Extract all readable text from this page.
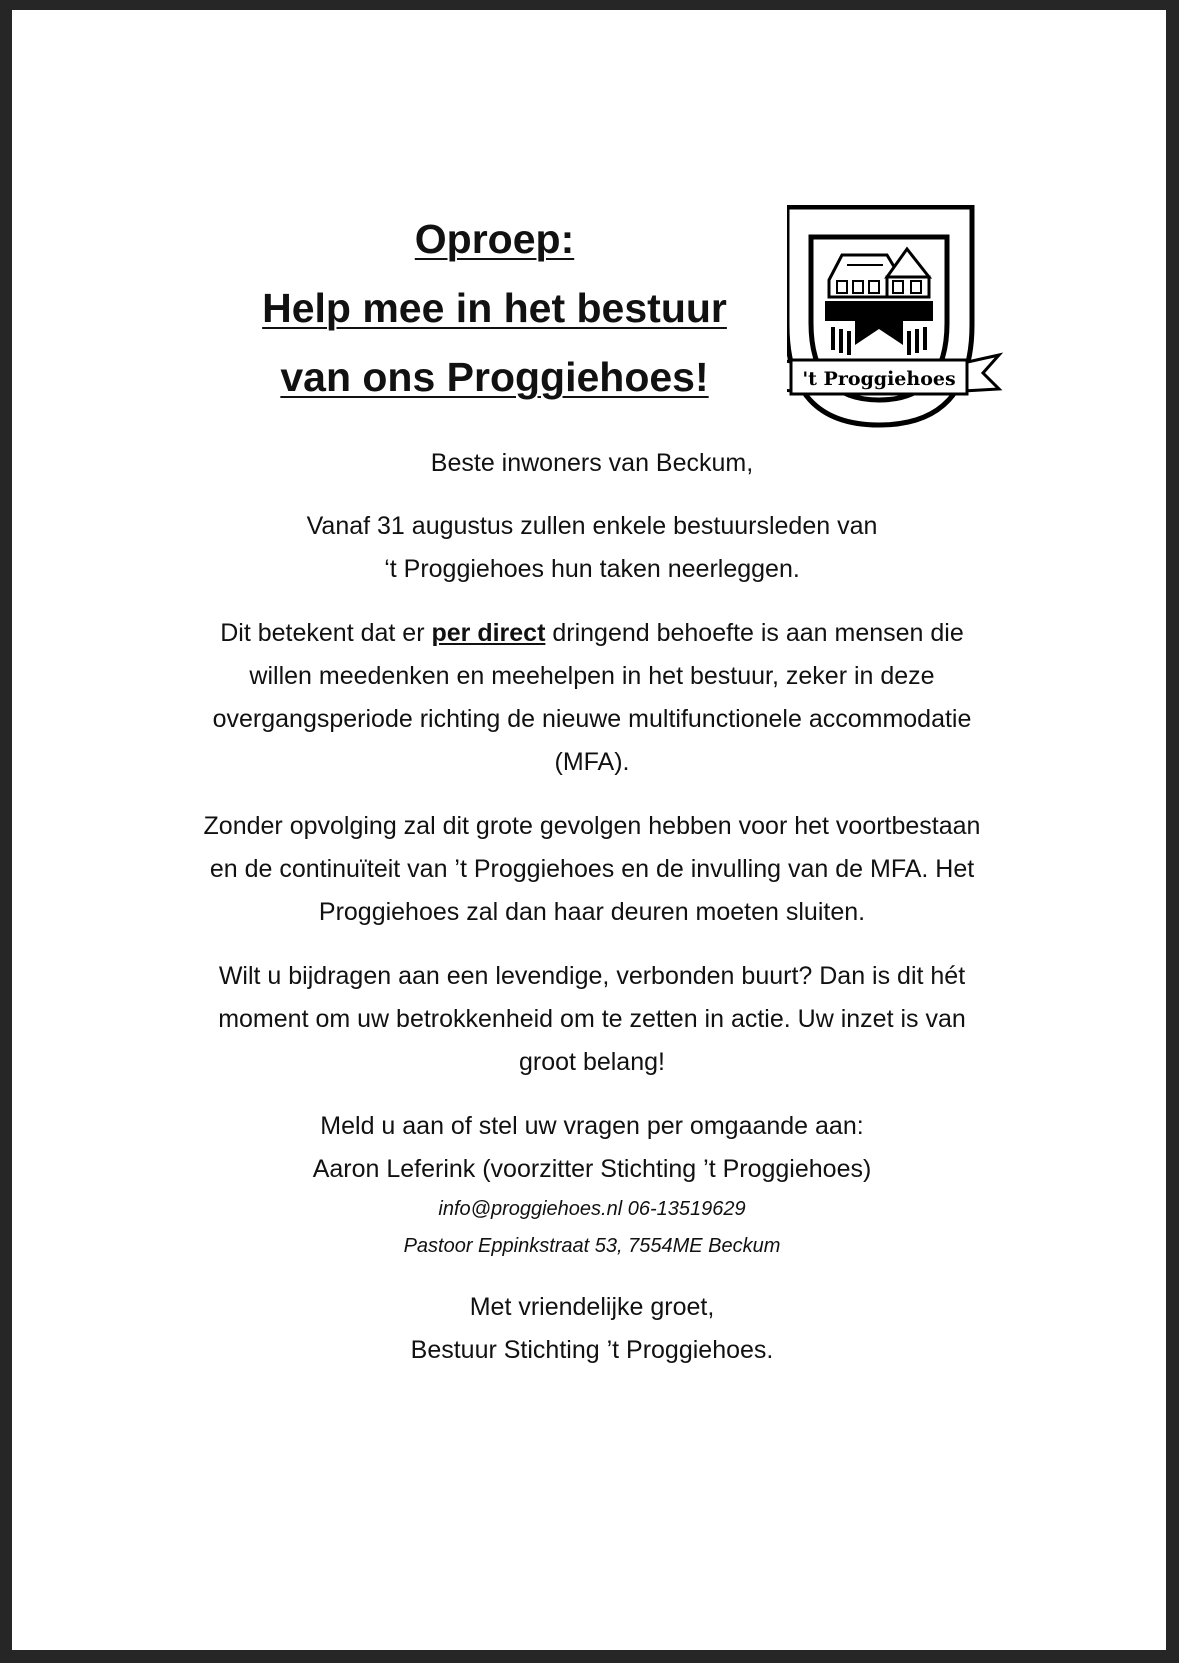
Oproep:
Help mee in het bestuur
van ons Proggiehoes!	't Proggiehoes

Beste inwoners van Beckum,

Vanaf 31 augustus zullen enkele bestuursleden van
‘t Proggiehoes hun taken neerleggen.

Dit betekent dat er per direct dringend behoefte is aan mensen die willen meedenken en meehelpen in het bestuur, zeker in deze overgangsperiode richting de nieuwe multifunctionele accommodatie (MFA).

Zonder opvolging zal dit grote gevolgen hebben voor het voortbestaan en de continuïteit van ’t Proggiehoes en de invulling van de MFA. Het Proggiehoes zal dan haar deuren moeten sluiten.

Wilt u bijdragen aan een levendige, verbonden buurt? Dan is dit hét moment om uw betrokkenheid om te zetten in actie. Uw inzet is van groot belang!

Meld u aan of stel uw vragen per omgaande aan:
Aaron Leferink (voorzitter Stichting ’t Proggiehoes)
info@proggiehoes.nl 06-13519629
Pastoor Eppinkstraat 53, 7554ME Beckum

Met vriendelijke groet,
Bestuur Stichting ’t Proggiehoes.
